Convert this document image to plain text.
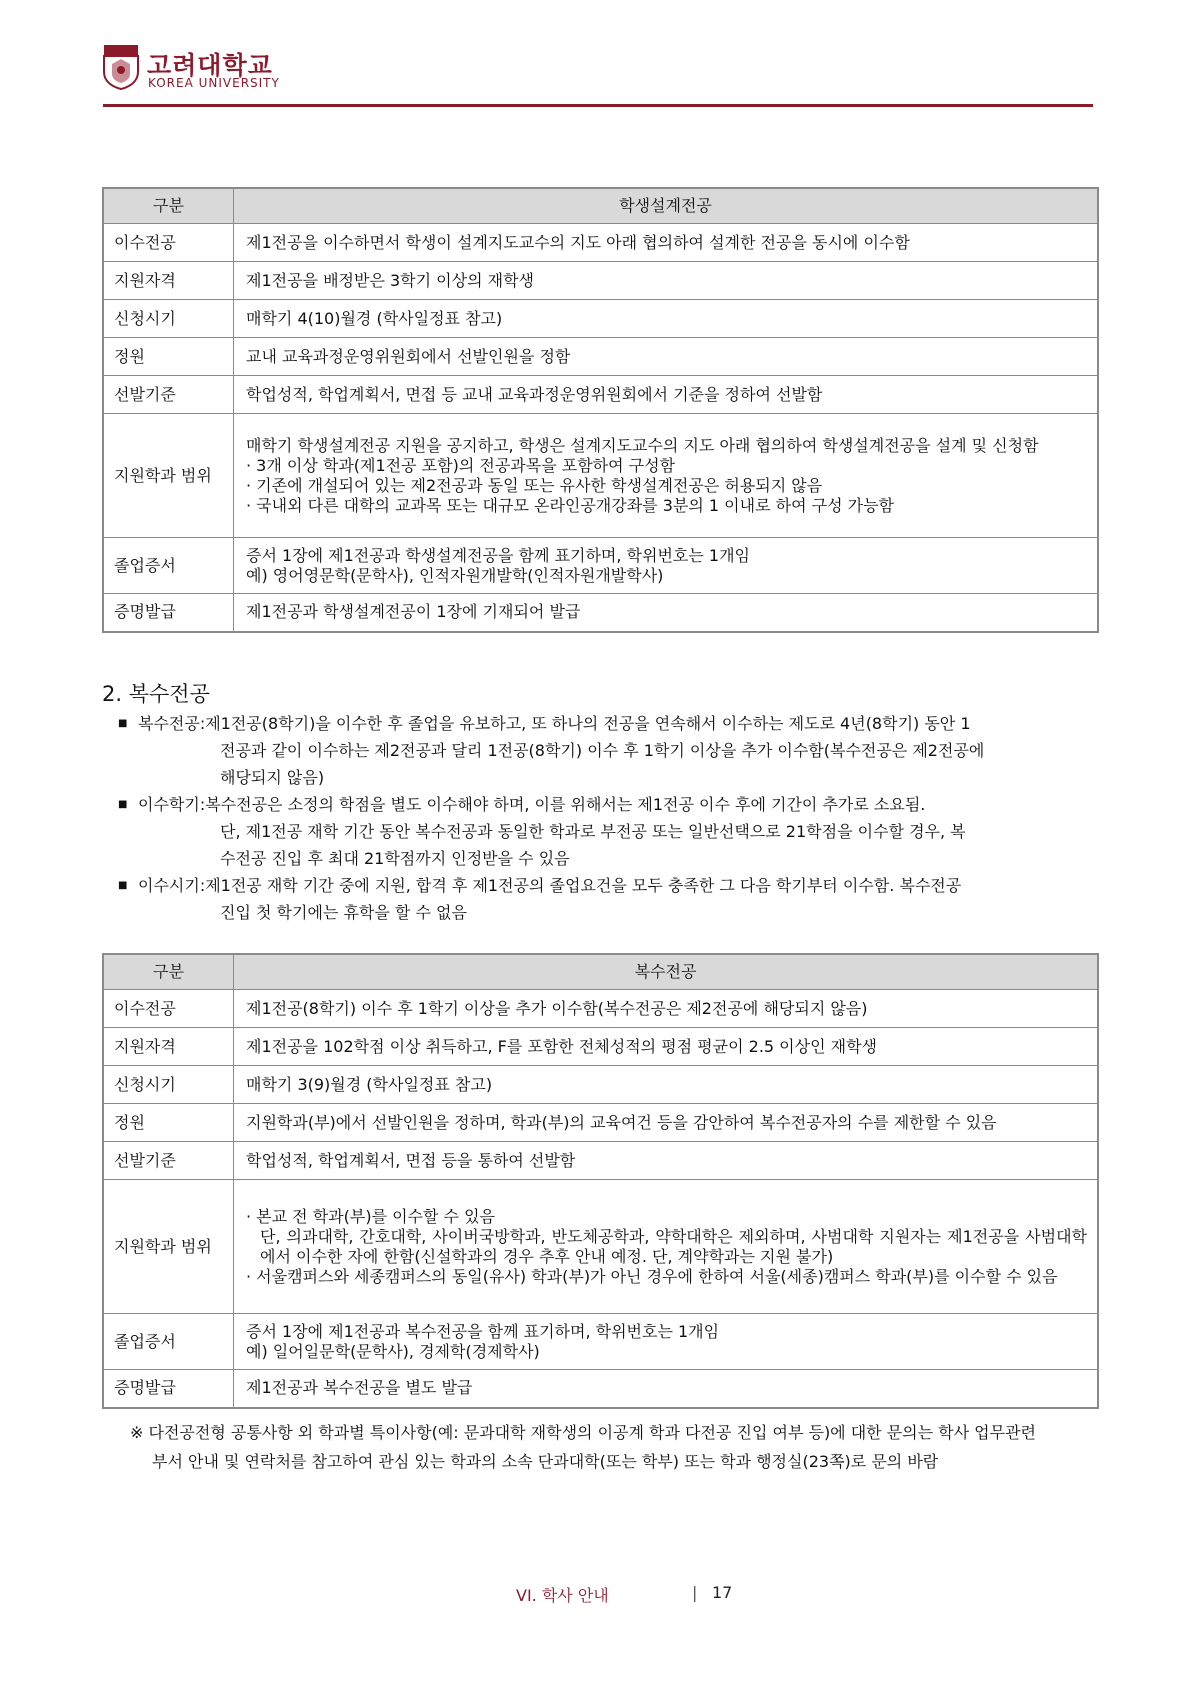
고려대학교
KOREA UNIVERSITY
구분	학생설계전공
이수전공	제1전공을 이수하면서 학생이 설계지도교수의 지도 아래 협의하여 설계한 전공을 동시에 이수함
지원자격	제1전공을 배정받은 3학기 이상의 재학생
신청시기	매학기 4(10)월경 (학사일정표 참고)
정원	교내 교육과정운영위원회에서 선발인원을 정함
선발기준	학업성적, 학업계획서, 면접 등 교내 교육과정운영위원회에서 기준을 정하여 선발함
지원학과 범위	매학기 학생설계전공 지원을 공지하고, 학생은 설계지도교수의 지도 아래 협의하여 학생설계전공을 설계 및 신청함
· 3개 이상 학과(제1전공 포함)의 전공과목을 포함하여 구성함
· 기존에 개설되어 있는 제2전공과 동일 또는 유사한 학생설계전공은 허용되지 않음
· 국내외 다른 대학의 교과목 또는 대규모 온라인공개강좌를 3분의 1 이내로 하여 구성 가능함

졸업증서	증서 1장에 제1전공과 학생설계전공을 함께 표기하며, 학위번호는 1개임
예) 영어영문학(문학사), 인적자원개발학(인적자원개발학사)

증명발급	제1전공과 학생설계전공이 1장에 기재되어 발급
2. 복수전공
■ 복수전공: 제1전공(8학기)을 이수한 후 졸업을 유보하고, 또 하나의 전공을 연속해서 이수하는 제도로 4년(8학기) 동안 1
전공과 같이 이수하는 제2전공과 달리 1전공(8학기) 이수 후 1학기 이상을 추가 이수함(복수전공은 제2전공에
해당되지 않음)
■ 이수학기: 복수전공은 소정의 학점을 별도 이수해야 하며, 이를 위해서는 제1전공 이수 후에 기간이 추가로 소요됨.
단, 제1전공 재학 기간 동안 복수전공과 동일한 학과로 부전공 또는 일반선택으로 21학점을 이수할 경우, 복
수전공 진입 후 최대 21학점까지 인정받을 수 있음
■ 이수시기: 제1전공 재학 기간 중에 지원, 합격 후 제1전공의 졸업요건을 모두 충족한 그 다음 학기부터 이수함. 복수전공
진입 첫 학기에는 휴학을 할 수 없음
구분	복수전공
이수전공	제1전공(8학기) 이수 후 1학기 이상을 추가 이수함(복수전공은 제2전공에 해당되지 않음)
지원자격	제1전공을 102학점 이상 취득하고, F를 포함한 전체성적의 평점 평균이 2.5 이상인 재학생
신청시기	매학기 3(9)월경 (학사일정표 참고)
정원	지원학과(부)에서 선발인원을 정하며, 학과(부)의 교육여건 등을 감안하여 복수전공자의 수를 제한할 수 있음
선발기준	학업성적, 학업계획서, 면접 등을 통하여 선발함
지원학과 범위	· 본교 전 학과(부)를 이수할 수 있음
단, 의과대학, 간호대학, 사이버국방학과, 반도체공학과, 약학대학은 제외하며, 사범대학 지원자는 제1전공을 사범대학에서 이수한 자에 한함(신설학과의 경우 추후 안내 예정. 단, 계약학과는 지원 불가)
· 서울캠퍼스와 세종캠퍼스의 동일(유사) 학과(부)가 아닌 경우에 한하여 서울(세종)캠퍼스 학과(부)를 이수할 수 있음

졸업증서	증서 1장에 제1전공과 복수전공을 함께 표기하며, 학위번호는 1개임
예) 일어일문학(문학사), 경제학(경제학사)

증명발급	제1전공과 복수전공을 별도 발급
※ 다전공전형 공통사항 외 학과별 특이사항(예: 문과대학 재학생의 이공계 학과 다전공 진입 여부 등)에 대한 문의는 학사 업무관련
부서 안내 및 연락처를 참고하여 관심 있는 학과의 소속 단과대학(또는 학부) 또는 학과 행정실(23쪽)로 문의 바람
VI. 학사 안내	| 17
